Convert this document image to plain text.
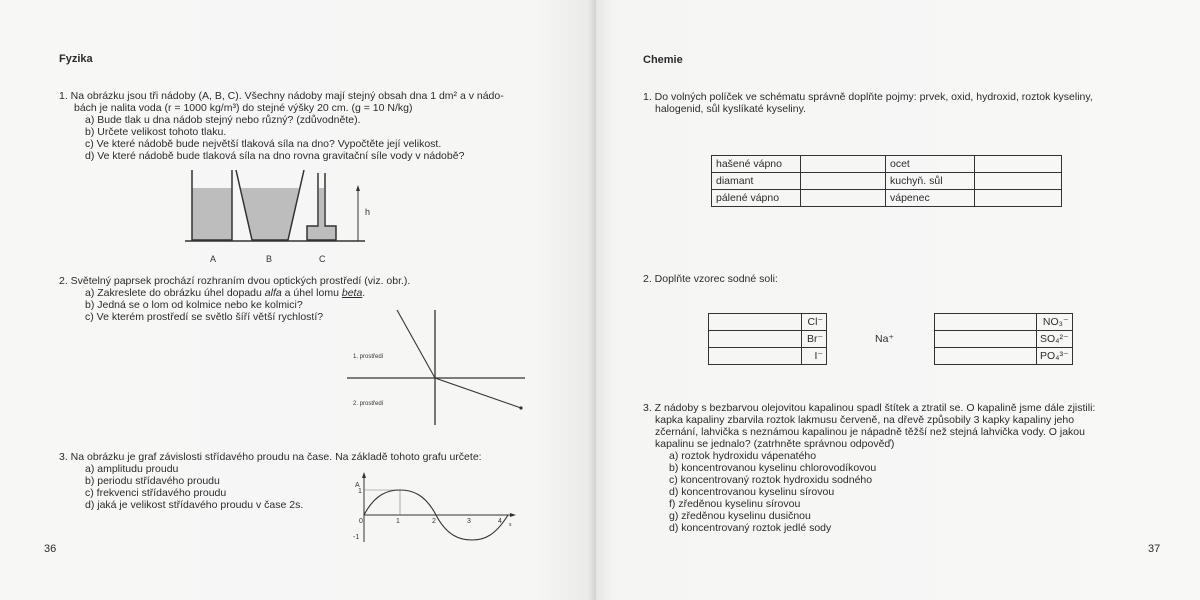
Fyzika
1. Na obrázku jsou tři nádoby (A, B, C). Všechny nádoby mají stejný obsah dna 1 dm² a v nádo-
bách je nalita voda (r = 1000 kg/m³) do stejné výšky 20 cm. (g = 10 N/kg)
a) Bude tlak u dna nádob stejný nebo různý? (zdůvodněte).
b) Určete velikost tohoto tlaku.
c) Ve které nádobě bude největší tlaková síla na dno? Vypočtěte její velikost.
d) Ve které nádobě bude tlaková síla na dno rovna gravitační síle vody v nádobě?
h
A	B	C
2. Světelný paprsek prochází rozhraním dvou optických prostředí (viz. obr.).
a) Zakreslete do obrázku úhel dopadu alfa a úhel lomu beta.
b) Jedná se o lom od kolmice nebo ke kolmici?
c) Ve kterém prostředí se světlo šíří větší rychlostí?
1. prostředí
2. prostředí
3. Na obrázku je graf závislosti střídavého proudu na čase. Na základě tohoto grafu určete:
a) amplitudu proudu
b) periodu střídavého proudu
c) frekvenci střídavého proudu
d) jaká je velikost střídavého proudu v čase 2s.
A
s
1
-1
0	1	2	3	4
36
Chemie
1. Do volných políček ve schématu správně doplňte pojmy: prvek, oxid, hydroxid, roztok kyseliny,
halogenid, sůl kyslíkaté kyseliny.
hašené vápno		ocet	
diamant		kuchyň. sůl	
pálené vápno		vápenec	
2. Doplňte vzorec sodné soli:
	Cl⁻
	Br⁻
	I⁻
Na⁺
	NO₃⁻
	SO₄²⁻
	PO₄³⁻
3. Z nádoby s bezbarvou olejovitou kapalinou spadl štítek a ztratil se. O kapalině jsme dále zjistili:
kapka kapaliny zbarvila roztok lakmusu červeně, na dřevě způsobily 3 kapky kapaliny jeho
zčernání, lahvička s neznámou kapalinou je nápadně těžší než stejná lahvička vody. O jakou
kapalinu se jednalo? (zatrhněte správnou odpověď)
a) roztok hydroxidu vápenatého
b) koncentrovanou kyselinu chlorovodíkovou
c) koncentrovaný roztok hydroxidu sodného
d) koncentrovanou kyselinu sírovou
f) zředěnou kyselinu sírovou
g) zředěnou kyselinu dusičnou
d) koncentrovaný roztok jedlé sody
37
